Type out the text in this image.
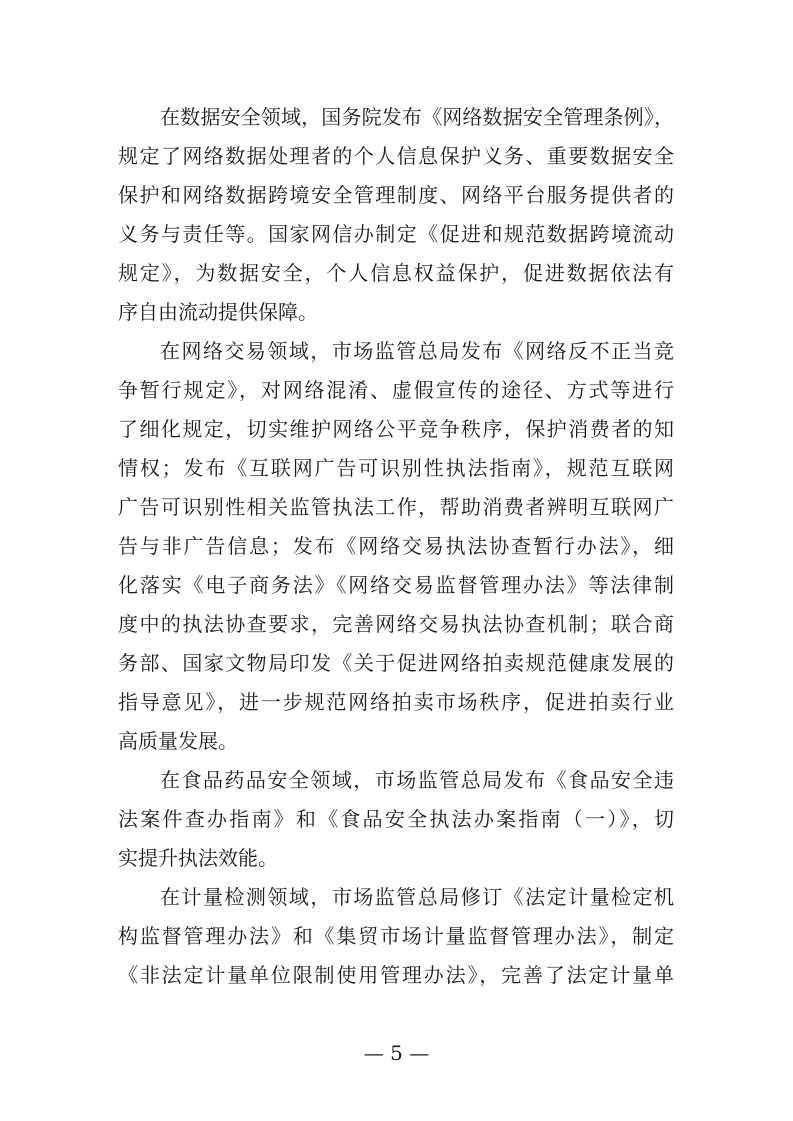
在数据安全领域，国务院发布《网络数据安全管理条例》，
规定了网络数据处理者的个人信息保护义务、重要数据安全
保护和网络数据跨境安全管理制度、网络平台服务提供者的
义务与责任等。国家网信办制定《促进和规范数据跨境流动
规定》，为数据安全，个人信息权益保护，促进数据依法有
序自由流动提供保障。
在网络交易领域，市场监管总局发布《网络反不正当竞
争暂行规定》，对网络混淆、虚假宣传的途径、方式等进行
了细化规定，切实维护网络公平竞争秩序，保护消费者的知
情权；发布《互联网广告可识别性执法指南》，规范互联网
广告可识别性相关监管执法工作，帮助消费者辨明互联网广
告与非广告信息；发布《网络交易执法协查暂行办法》，细
化落实《电子商务法》《网络交易监督管理办法》等法律制
度中的执法协查要求，完善网络交易执法协查机制；联合商
务部、国家文物局印发《关于促进网络拍卖规范健康发展的
指导意见》，进一步规范网络拍卖市场秩序，促进拍卖行业
高质量发展。
在食品药品安全领域，市场监管总局发布《食品安全违
法案件查办指南》和《食品安全执法办案指南（一）》，切
实提升执法效能。
在计量检测领域，市场监管总局修订《法定计量检定机
构监督管理办法》和《集贸市场计量监督管理办法》，制定
《非法定计量单位限制使用管理办法》，完善了法定计量单
— 5 —
